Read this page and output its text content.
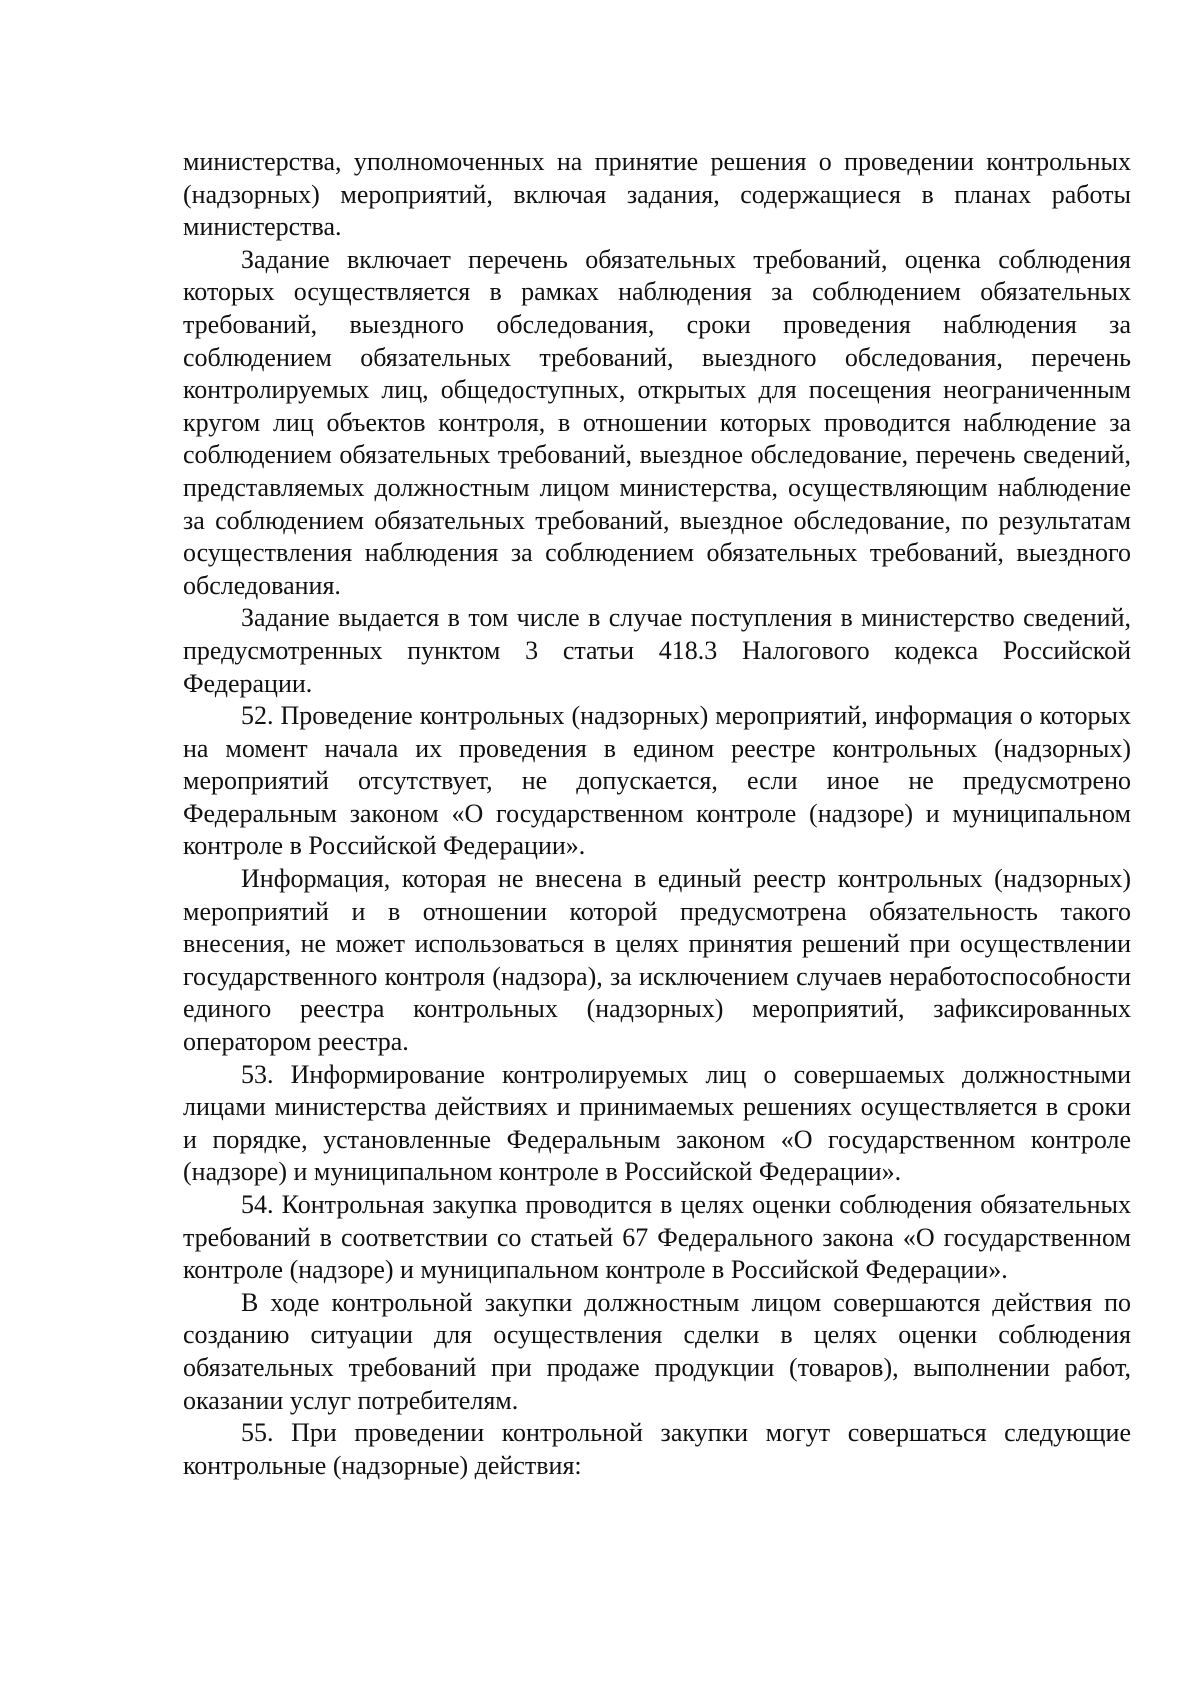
министерства, уполномоченных на принятие решения о проведении контрольных (надзорных) мероприятий, включая задания, содержащиеся в планах работы министерства.

Задание включает перечень обязательных требований, оценка соблюдения которых осуществляется в рамках наблюдения за соблюдением обязательных требований, выездного обследования, сроки проведения наблюдения за соблюдением обязательных требований, выездного обследования, перечень контролируемых лиц, общедоступных, открытых для посещения неограниченным кругом лиц объектов контроля, в отношении которых проводится наблюдение за соблюдением обязательных требований, выездное обследование, перечень сведений, представляемых должностным лицом министерства, осуществляющим наблюдение за соблюдением обязательных требований, выездное обследование, по результатам осуществления наблюдения за соблюдением обязательных требований, выездного обследования.

Задание выдается в том числе в случае поступления в министерство сведений, предусмотренных пунктом 3 статьи 418.3 Налогового кодекса Российской Федерации.

52. Проведение контрольных (надзорных) мероприятий, информация о которых на момент начала их проведения в едином реестре контрольных (надзорных) мероприятий отсутствует, не допускается, если иное не предусмотрено Федеральным законом «О государственном контроле (надзоре) и муниципальном контроле в Российской Федерации».

Информация, которая не внесена в единый реестр контрольных (надзорных) мероприятий и в отношении которой предусмотрена обязательность такого внесения, не может использоваться в целях принятия решений при осуществлении государственного контроля (надзора), за исключением случаев неработоспособности единого реестра контрольных (надзорных) мероприятий, зафиксированных оператором реестра.

53. Информирование контролируемых лиц о совершаемых должностными лицами министерства действиях и принимаемых решениях осуществляется в сроки и порядке, установленные Федеральным законом «О государственном контроле (надзоре) и муниципальном контроле в Российской Федерации».

54. Контрольная закупка проводится в целях оценки соблюдения обязательных требований в соответствии со статьей 67 Федерального закона «О государственном контроле (надзоре) и муниципальном контроле в Российской Федерации».

В ходе контрольной закупки должностным лицом совершаются действия по созданию ситуации для осуществления сделки в целях оценки соблюдения обязательных требований при продаже продукции (товаров), выполнении работ, оказании услуг потребителям.

55. При проведении контрольной закупки могут совершаться следующие контрольные (надзорные) действия:
